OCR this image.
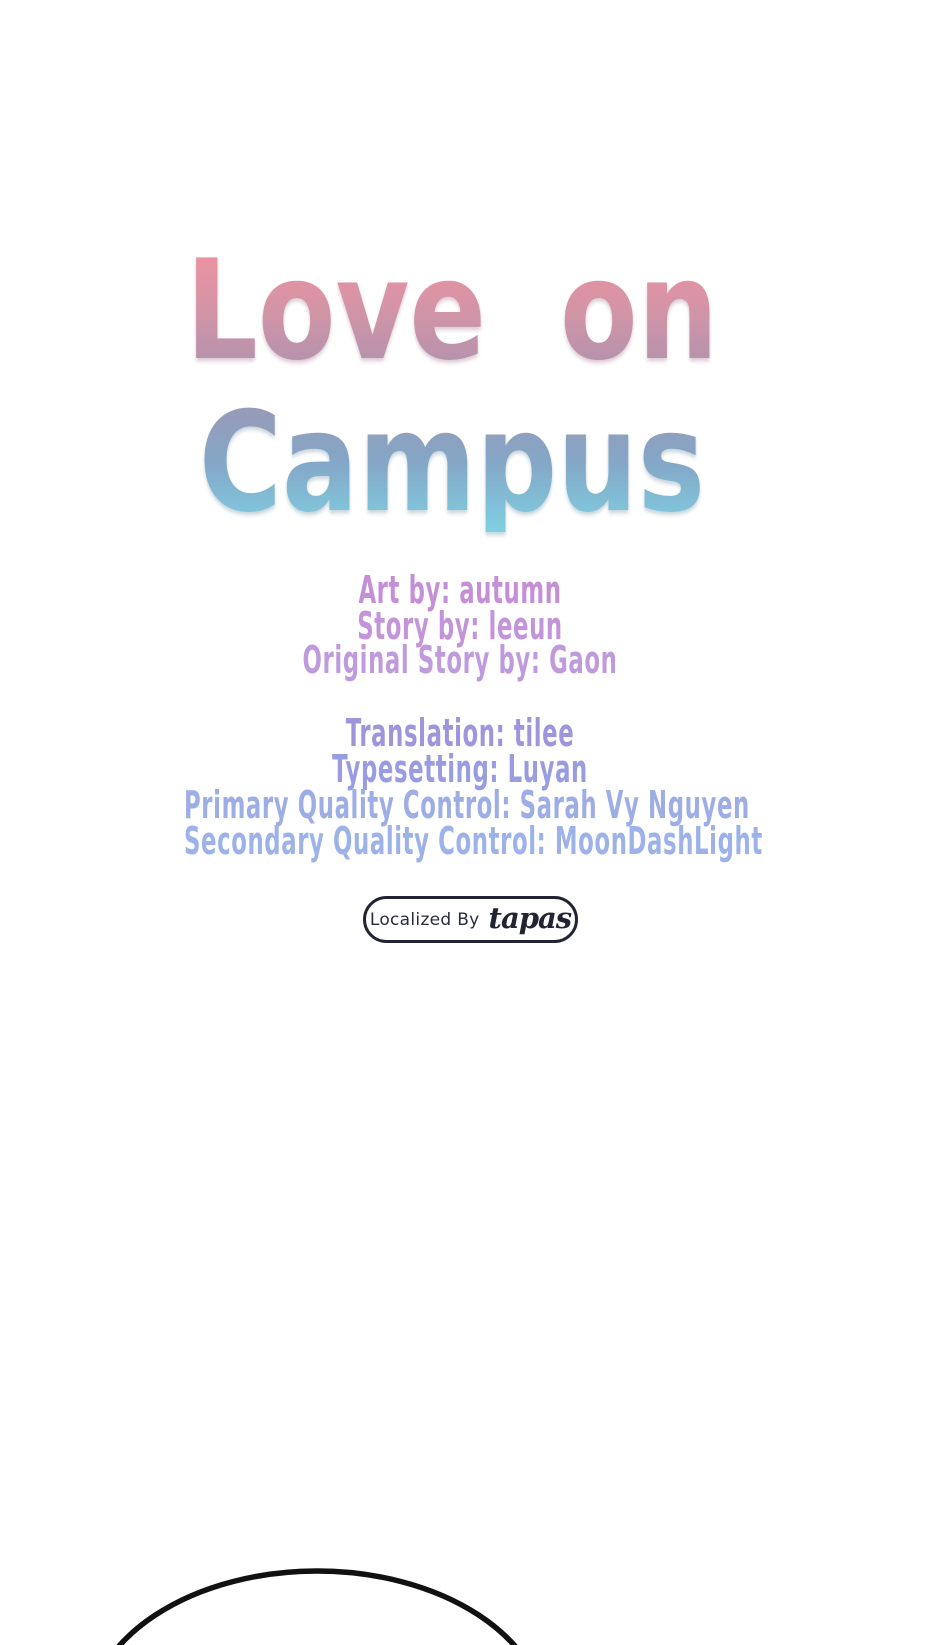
Love on
Campus
Art by: autumn
Story by: leeun
Original Story by: Gaon
Translation: tilee
Typesetting: Luyan
Primary Quality Control: Sarah Vy Nguyen
Secondary Quality Control: MoonDashLight
Localized By tapas
